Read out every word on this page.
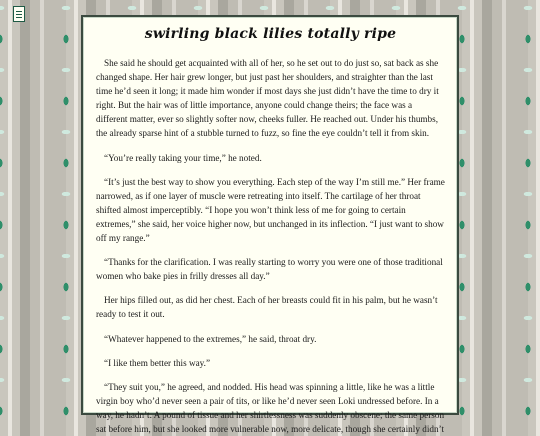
swirling black lilies totally ripe

She said he should get acquainted with all of her, so he set out to do just so, sat back as she changed shape. Her hair grew longer, but just past her shoulders, and straighter than the last time he’d seen it long; it made him wonder if most days she just didn’t have the time to dry it right. But the hair was of little importance, anyone could change theirs; the face was a different matter, ever so slightly softer now, cheeks fuller. He reached out. Under his thumbs, the already sparse hint of a stubble turned to fuzz, so fine the eye couldn’t tell it from skin.

“You’re really taking your time,” he noted.

“It’s just the best way to show you everything. Each step of the way I’m still me.” Her frame narrowed, as if one layer of muscle were retreating into itself. The cartilage of her throat shifted almost imperceptibly. “I hope you won’t think less of me for going to certain extremes,” she said, her voice higher now, but unchanged in its inflection. “I just want to show off my range.”

“Thanks for the clarification. I was really starting to worry you were one of those traditional women who bake pies in frilly dresses all day.”

Her hips filled out, as did her chest. Each of her breasts could fit in his palm, but he wasn’t ready to test it out.

“Whatever happened to the extremes,” he said, throat dry.

“I like them better this way.”

“They suit you,” he agreed, and nodded. His head was spinning a little, like he was a little virgin boy who’d never seen a pair of tits, or like he’d never seen Loki undressed before. In a way, he hadn’t. A pound of tissue and her shirtlessness was suddenly obscene; the same person sat before him, but she looked more vulnerable now, more delicate, though she certainly didn’t
